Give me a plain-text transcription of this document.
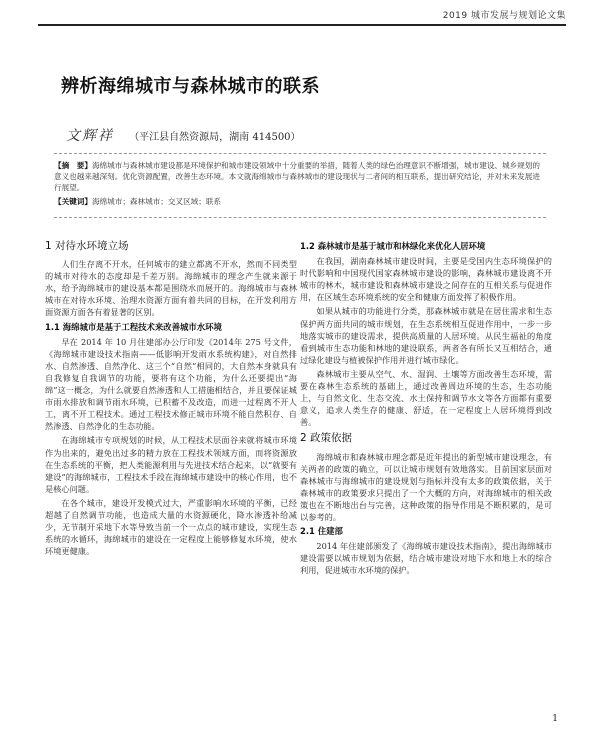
2019 城市发展与规划论文集
辨析海绵城市与森林城市的联系
文辉祥 （平江县自然资源局，湖南 414500）

【摘　要】海绵城市与森林城市建设都是环境保护和城市建设领域中十分重要的举措，随着人类的绿色治理意识不断增强，城市建设、城乡规划的意义也越来越深刻。优化资源配置，改善生态环境。本文就海绵城市与森林城市的建设现状与二者间的相互联系，提出研究结论，并对未来发展进行展望。

【关键词】海绵城市；森林城市；交叉区域；联系

1 对待水环境立场

人们生存离不开水，任何城市的建立都离不开水，然而不同类型的城市对待水的态度却是千差万别。海绵城市的理念产生就来源于水，给予海绵城市的建设基本都是围绕水而展开的。海绵城市与森林城市在对待水环境、治理水资源方面有着共同的目标，在开发利用方面资源方面各有着显著的区别。

1.1 海绵城市是基于工程技术来改善城市水环境

早在 2014 年 10 月住建部办公厅印发《2014年 275 号文件，《海绵城市建设技术指南——低影响开发雨水系统构建》，对自然排水、自然渗透、自然净化、这三个“自然”相同的，大自然本身就具有自我修复自我调节的功能，要将有这个功能，为什么还要提出“海绵”这一概念，为什么就要自然渗透和人工措施相结合，并且要保证城市雨水排放和调节雨水环境，已积蓄不及改造，而进一过程离不开人工，离不开工程技术。通过工程技术修正城市环境不能自然积存、自然渗透、自然净化的生态功能。

在海绵城市专项规划的时候，从工程技术层面谷来就将城市环境作为出来的，避免出过多的精力放在工程技术领域方面，而将资源放在生态系统的平衡，把人类能源利用与先进技术结合起来，以“就要有建设”的海绵城市，工程技术手段在海绵城市建设中的核心作用，也不是核心问题。

在各个城市，建设开发模式过大，严重影响水环境的平衡，已经超越了自然调节功能，也造成大量的水资源硬化，降水渗透补给减少，无节制开采地下水等导致当前一个一点点的城市建设，实现生态系统的水循环，海绵城市的建设在一定程度上能够修复水环境，使水环境更健康。

1.2 森林城市是基于城市和林绿化来优化人居环境

在我国，湖南森林城市建设时间，主要是受国内生态环境保护的时代影响和中国现代国家森林城市建设的影响，森林城市建设离不开城市的林木，城市建设和森林城市建设之间存在的互相关系与促进作用，在区域生态环境系统的安全和健康方面发挥了积极作用。

如果从城市的功能进行分类，那森林城市就是在居住需求和生态保护两方面共同的城市规划，在生态系统相互促进作用中，一步一步地落实城市的建设需求，提供高质量的人居环境。从民生福祉的角度看到城市生态功能和林地的建设联系，两者各有所长又互相结合，通过绿化建设与植被保护作用并进行城市绿化。

森林城市主要从空气、水、湿润、土壤等方面改善生态环境，需要在森林生态系统的基础上，通过改善周边环境的生态，生态功能上，与自然文化、生态交流、水土保持和调节水文等各方面都有重要意义，追求人类生存的健康、舒适，在一定程度上人居环境得到改善。

2 政策依据

海绵城市和森林城市理念都是近年提出的新型城市建设理念，有关两者的政策的确立，可以让城市规划有效地落实。目前国家层面对森林城市与海绵城市的建设规划与指标并没有太多的政策依据，关于森林城市的政策要求只提出了一个大概的方向，对海绵城市的相关政策也在不断地出台与完善，这种政策的指导作用是不断积累的，是可以参考的。

2.1 住建部

2014 年住建部颁发了《海绵城市建设技术指南》，提出海绵城市建设需要以城市规划为依据，结合城市建设对地下水和地上水的综合利用，促进城市水环境的保护。

1
